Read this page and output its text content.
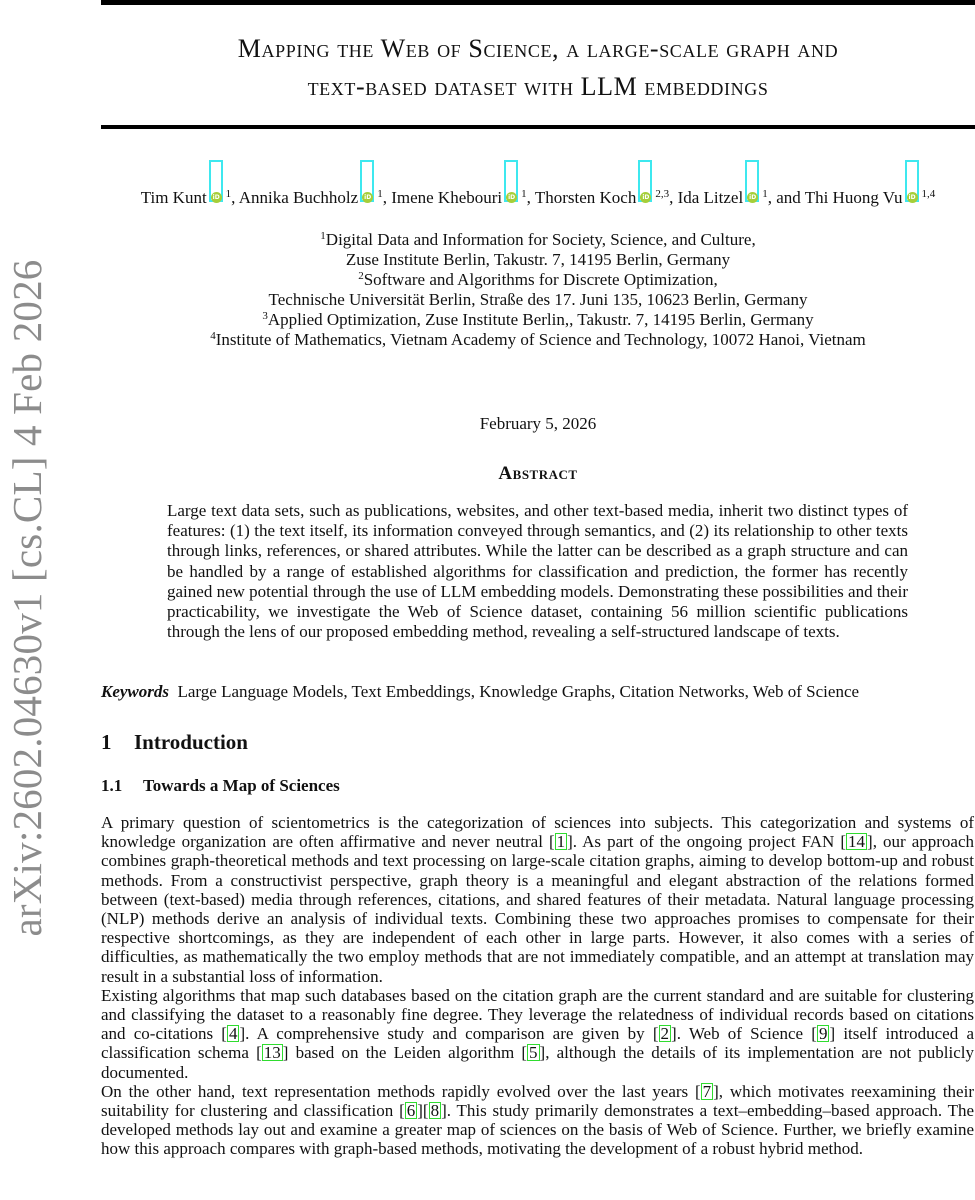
arXiv:2602.04630v1 [cs.CL] 4 Feb 2026
Mapping the Web of Science, a large-scale graph and
text-based dataset with LLM embeddings
Tim Kunt iD $^1$, Annika Buchholz iD $^1$, Imene Khebouri iD $^1$, Thorsten Koch iD $^{2,3}$, Ida Litzel iD $^1$, and Thi Huong Vu iD $^{1,4}$
$^1$Digital Data and Information for Society, Science, and Culture,
Zuse Institute Berlin, Takustr. 7, 14195 Berlin, Germany
$^2$Software and Algorithms for Discrete Optimization,
Technische Universität Berlin, Straße des 17. Juni 135, 10623 Berlin, Germany
$^3$Applied Optimization, Zuse Institute Berlin,, Takustr. 7, 14195 Berlin, Germany
$^4$Institute of Mathematics, Vietnam Academy of Science and Technology, 10072 Hanoi, Vietnam
February 5, 2026
Abstract
Large text data sets, such as publications, websites, and other text-based media, inherit two distinct types of features: (1) the text itself, its information conveyed through semantics, and (2) its relationship to other texts through links, references, or shared attributes. While the latter can be described as a graph structure and can be handled by a range of established algorithms for classification and prediction, the former has recently gained new potential through the use of LLM embedding models. Demonstrating these possibilities and their practicability, we investigate the Web of Science dataset, containing 56 million scientific publications through the lens of our proposed embedding method, revealing a self-structured landscape of texts.
Keywords Large Language Models, Text Embeddings, Knowledge Graphs, Citation Networks, Web of Science
1 Introduction
1.1 Towards a Map of Sciences

A primary question of scientometrics is the categorization of sciences into subjects. This categorization and systems of knowledge organization are often affirmative and never neutral [ 1 ]. As part of the ongoing project FAN [ 14 ], our approach combines graph-theoretical methods and text processing on large-scale citation graphs, aiming to develop bottom-up and robust methods. From a constructivist perspective, graph theory is a meaningful and elegant abstraction of the relations formed between (text-based) media through references, citations, and shared features of their metadata. Natural language processing (NLP) methods derive an analysis of individual texts. Combining these two approaches promises to compensate for their respective shortcomings, as they are independent of each other in large parts. However, it also comes with a series of difficulties, as mathematically the two employ methods that are not immediately compatible, and an attempt at translation may result in a substantial loss of information.

Existing algorithms that map such databases based on the citation graph are the current standard and are suitable for clustering and classifying the dataset to a reasonably fine degree. They leverage the relatedness of individual records based on citations and co-citations [ 4 ]. A comprehensive study and comparison are given by [ 2 ]. Web of Science [ 9 ] itself introduced a classification schema [ 13 ] based on the Leiden algorithm [ 5 ], although the details of its implementation are not publicly documented.

On the other hand, text representation methods rapidly evolved over the last years [ 7 ], which motivates reexamining their suitability for clustering and classification [ 6 ][ 8 ]. This study primarily demonstrates a text–embedding–based approach. The developed methods lay out and examine a greater map of sciences on the basis of Web of Science. Further, we briefly examine how this approach compares with graph-based methods, motivating the development of a robust hybrid method.
